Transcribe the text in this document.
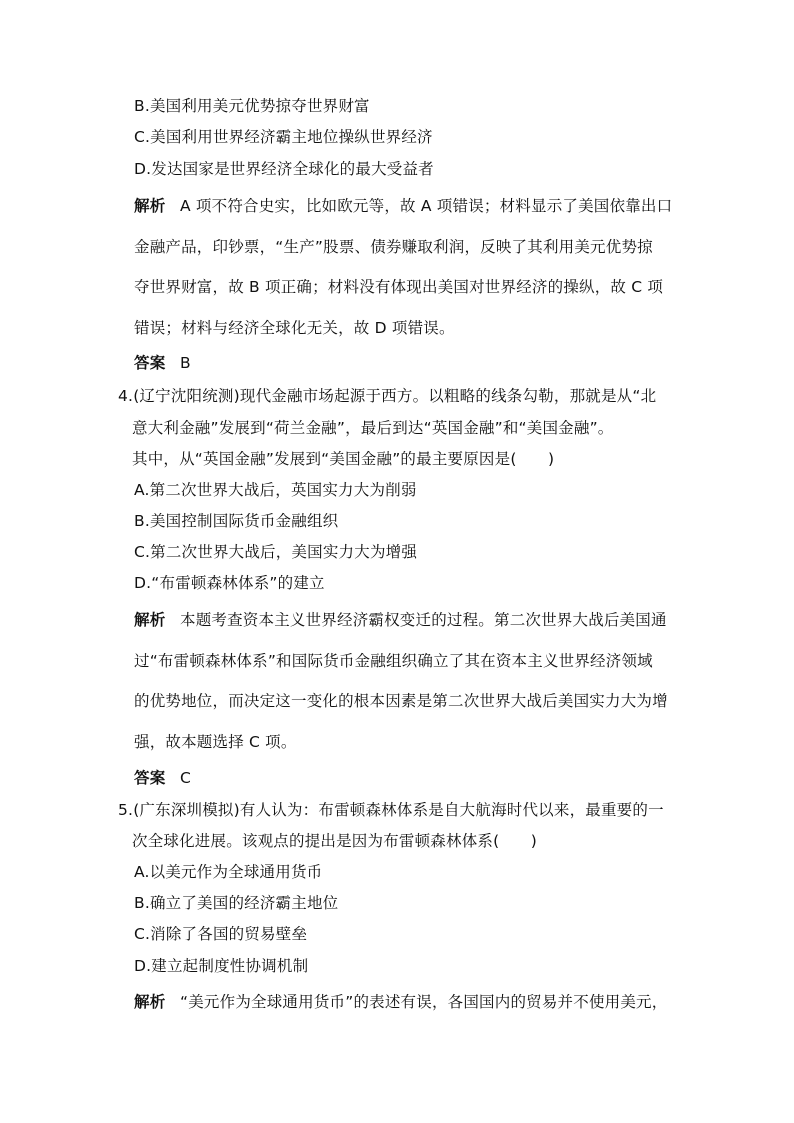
B.美国利用美元优势掠夺世界财富
C.美国利用世界经济霸主地位操纵世界经济
D.发达国家是世界经济全球化的最大受益者
解析 A 项不符合史实，比如欧元等，故 A 项错误；材料显示了美国依靠出口
金融产品，印钞票，“生产”股票、债券赚取利润，反映了其利用美元优势掠
夺世界财富，故 B 项正确；材料没有体现出美国对世界经济的操纵，故 C 项
错误；材料与经济全球化无关，故 D 项错误。
答案 B
4.(辽宁沈阳统测)现代金融市场起源于西方。以粗略的线条勾勒，那就是从“北
意大利金融”发展到“荷兰金融”，最后到达“英国金融”和“美国金融”。
其中，从“英国金融”发展到“美国金融”的最主要原因是(　　)
A.第二次世界大战后，英国实力大为削弱
B.美国控制国际货币金融组织
C.第二次世界大战后，美国实力大为增强
D.“布雷顿森林体系”的建立
解析 本题考查资本主义世界经济霸权变迁的过程。第二次世界大战后美国通
过“布雷顿森林体系”和国际货币金融组织确立了其在资本主义世界经济领域
的优势地位，而决定这一变化的根本因素是第二次世界大战后美国实力大为增
强，故本题选择 C 项。
答案 C
5.(广东深圳模拟)有人认为：布雷顿森林体系是自大航海时代以来，最重要的一
次全球化进展。该观点的提出是因为布雷顿森林体系(　　)
A.以美元作为全球通用货币
B.确立了美国的经济霸主地位
C.消除了各国的贸易壁垒
D.建立起制度性协调机制
解析 “美元作为全球通用货币”的表述有误，各国国内的贸易并不使用美元，
